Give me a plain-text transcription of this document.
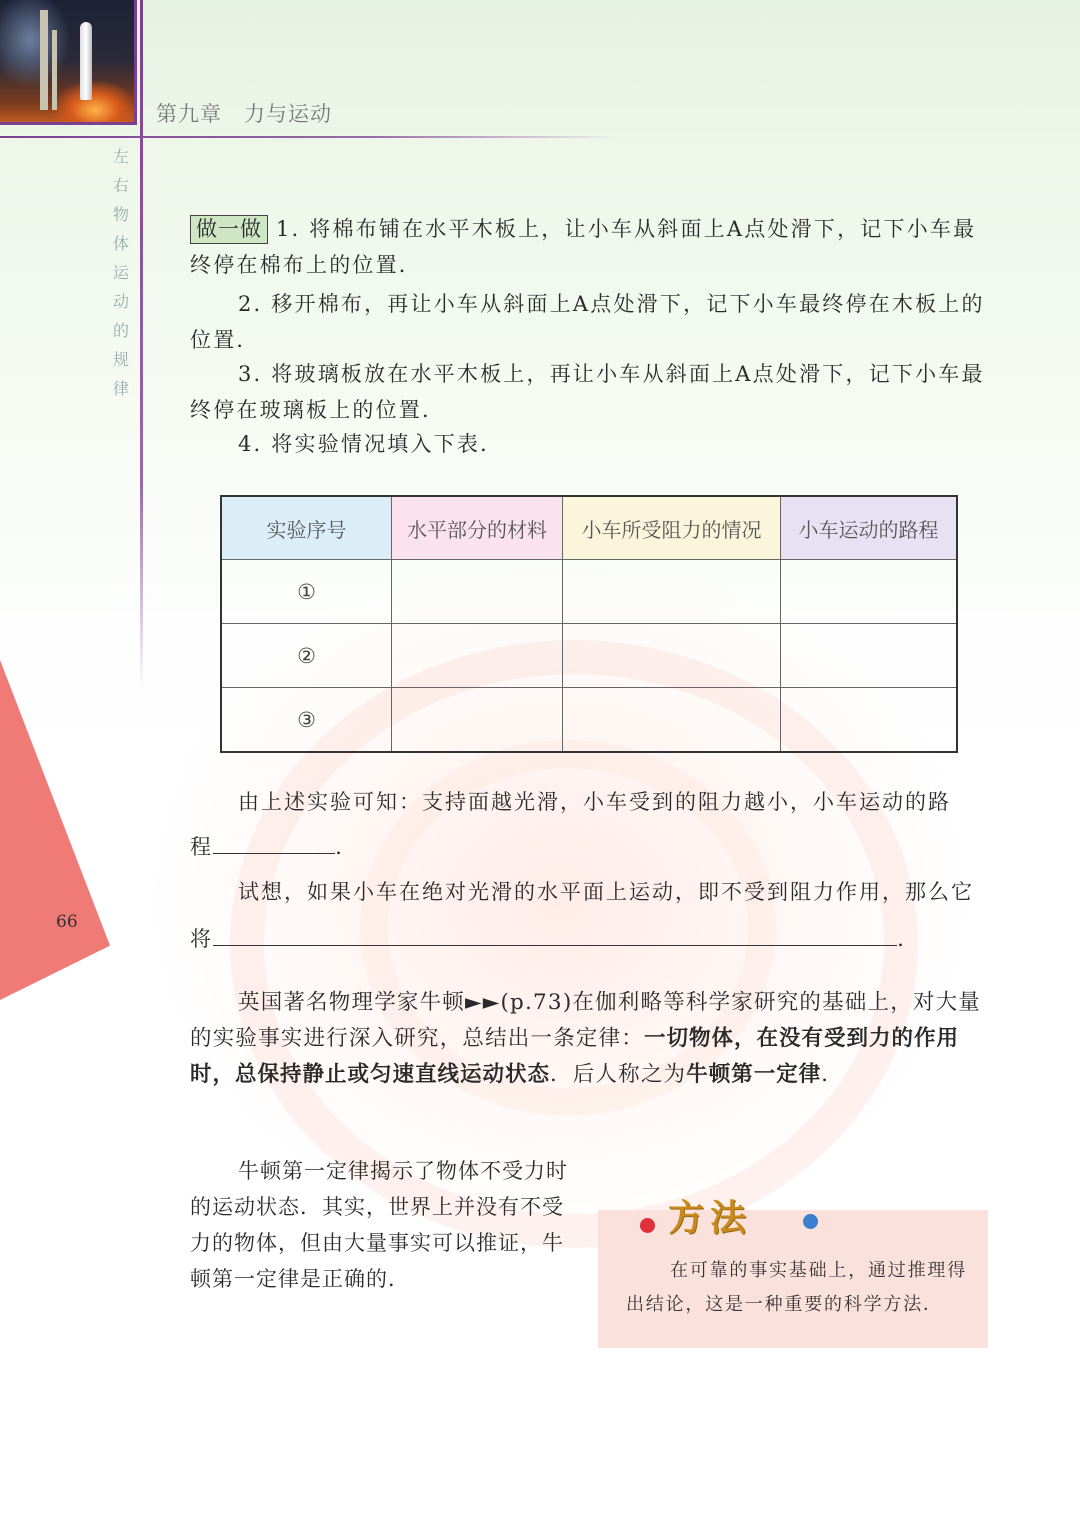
第九章　力与运动
左
右
物
体
运
动
的
规
律
66
做一做 1. 将棉布铺在水平木板上，让小车从斜面上A点处滑下，记下小车最终停在棉布上的位置．
2. 移开棉布，再让小车从斜面上A点处滑下，记下小车最终停在木板上的位置．
3. 将玻璃板放在水平木板上，再让小车从斜面上A点处滑下，记下小车最终停在玻璃板上的位置．
4. 将实验情况填入下表．
实验序号	水平部分的材料	小车所受阻力的情况	小车运动的路程
①			
②			
③			
由上述实验可知：支持面越光滑，小车受到的阻力越小，小车运动的路
程	．
试想，如果小车在绝对光滑的水平面上运动，即不受到阻力作用，那么它
将	．
英国著名物理学家牛顿►►(p.73)在伽利略等科学家研究的基础上，对大量的实验事实进行深入研究，总结出一条定律：一切物体，在没有受到力的作用时，总保持静止或匀速直线运动状态．后人称之为牛顿第一定律．
牛顿第一定律揭示了物体不受力时的运动状态．其实，世界上并没有不受力的物体，但由大量事实可以推证，牛顿第一定律是正确的．
方法
在可靠的事实基础上，通过推理得出结论，这是一种重要的科学方法．
